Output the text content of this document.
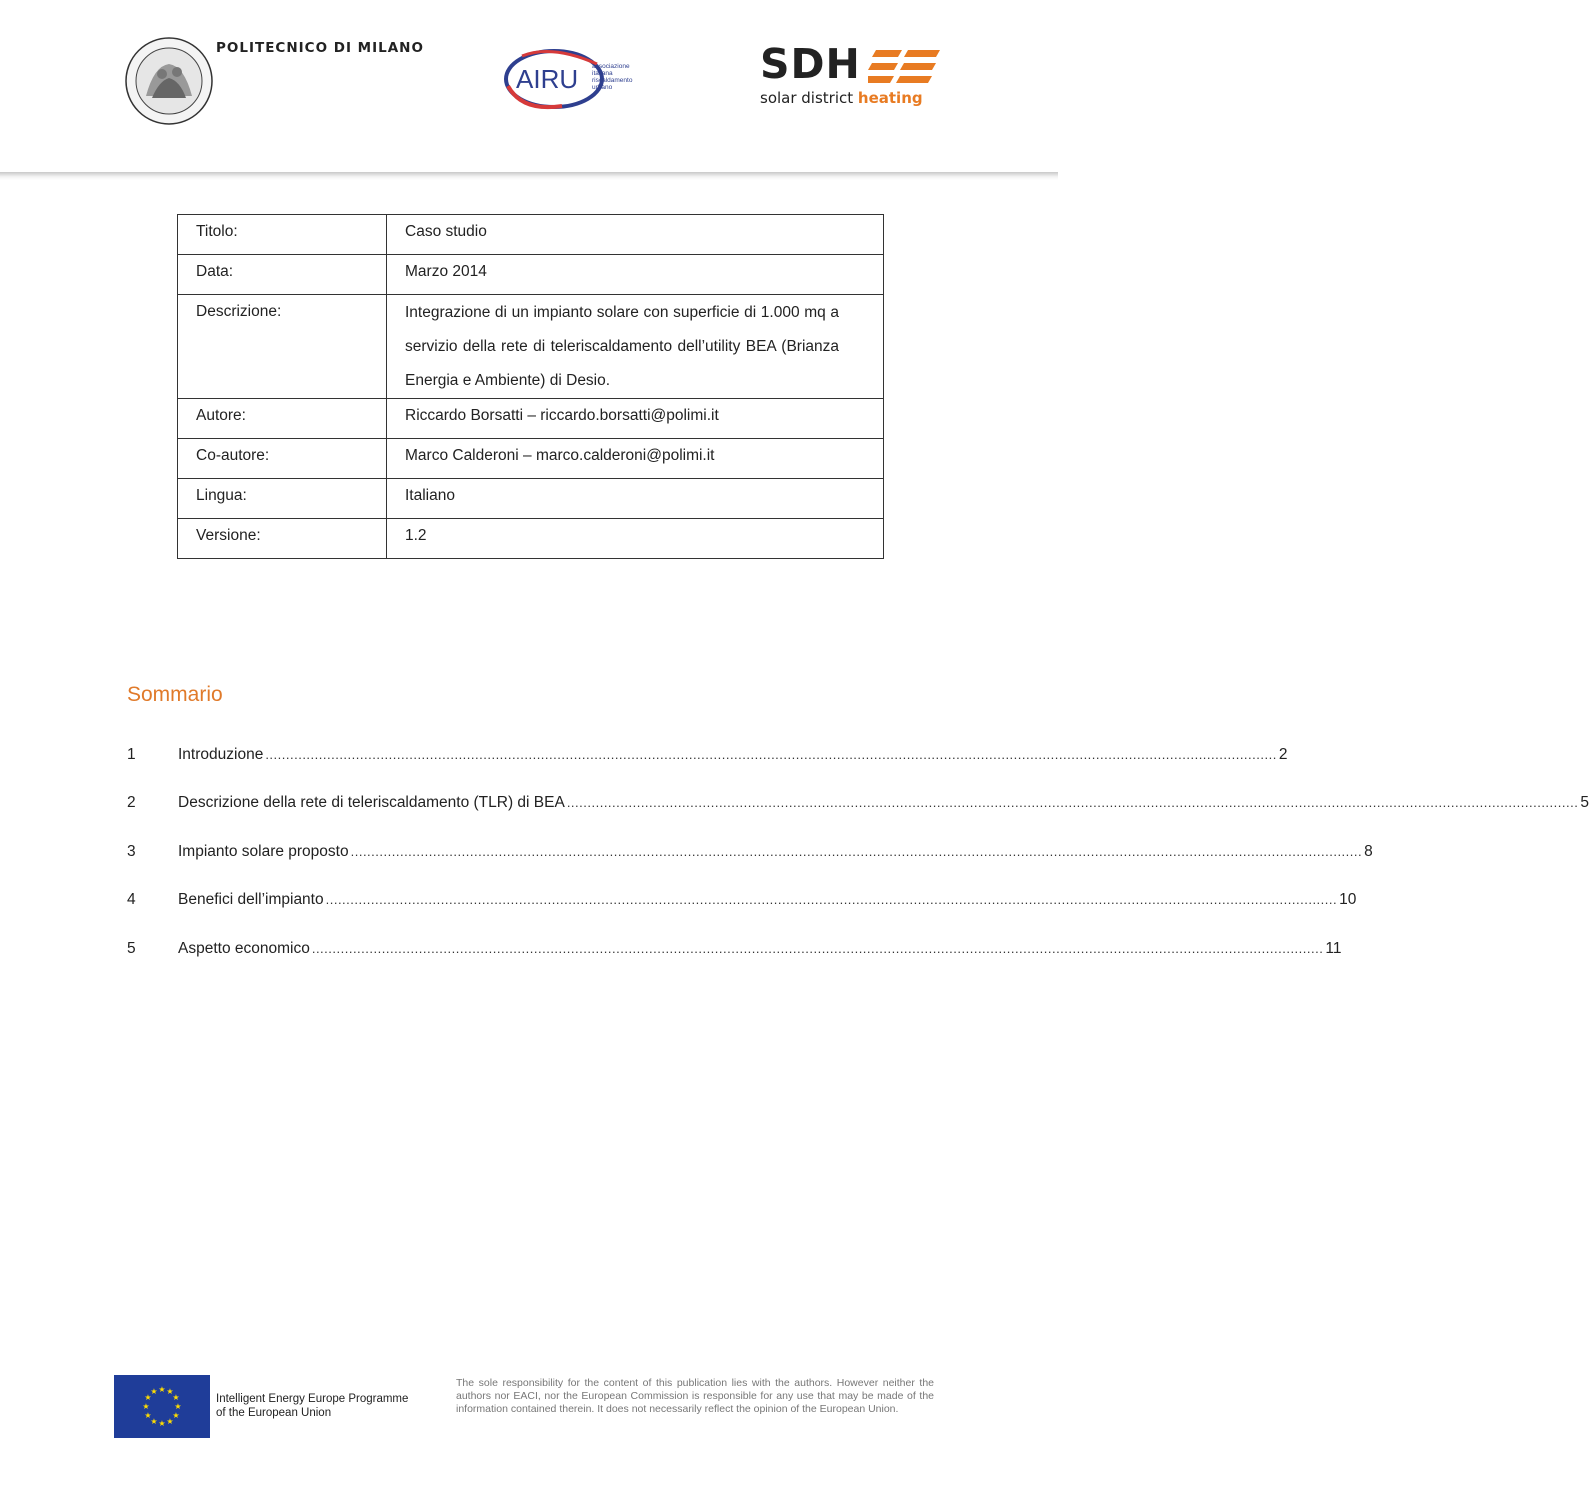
POLITECNICO DI MILANO
AIRU associazione
italiana
riscaldamento
urbano	SDH
solar district heating
Titolo:	Caso studio
Data:	Marzo 2014
Descrizione:	Integrazione di un impianto solare con superficie di 1.000 mq a servizio della rete di teleriscaldamento dell’utility BEA (Brianza Energia e Ambiente) di Desio.
Autore:	Riccardo Borsatti – riccardo.borsatti@polimi.it
Co-autore:	Marco Calderoni – marco.calderoni@polimi.it
Lingua:	Italiano
Versione:	1.2
Sommario
1	Introduzione ...................................................................................................................................................................................................................................................... 2
2	Descrizione della rete di teleriscaldamento (TLR) di BEA ...................................................................................................................................................................................................................................................... 5
3	Impianto solare proposto ...................................................................................................................................................................................................................................................... 8
4	Benefici dell’impianto ...................................................................................................................................................................................................................................................... 10
5	Aspetto economico ...................................................................................................................................................................................................................................................... 11
★ ★
★
★
★
★
★
★
★
★
★
★
Intelligent Energy Europe Programme
of the European Union
The sole responsibility for the content of this publication lies with the authors. However neither the authors nor EACI, nor the European Commission is responsible for any use that may be made of the information contained therein. It does not necessarily reflect the opinion of the European Union.
